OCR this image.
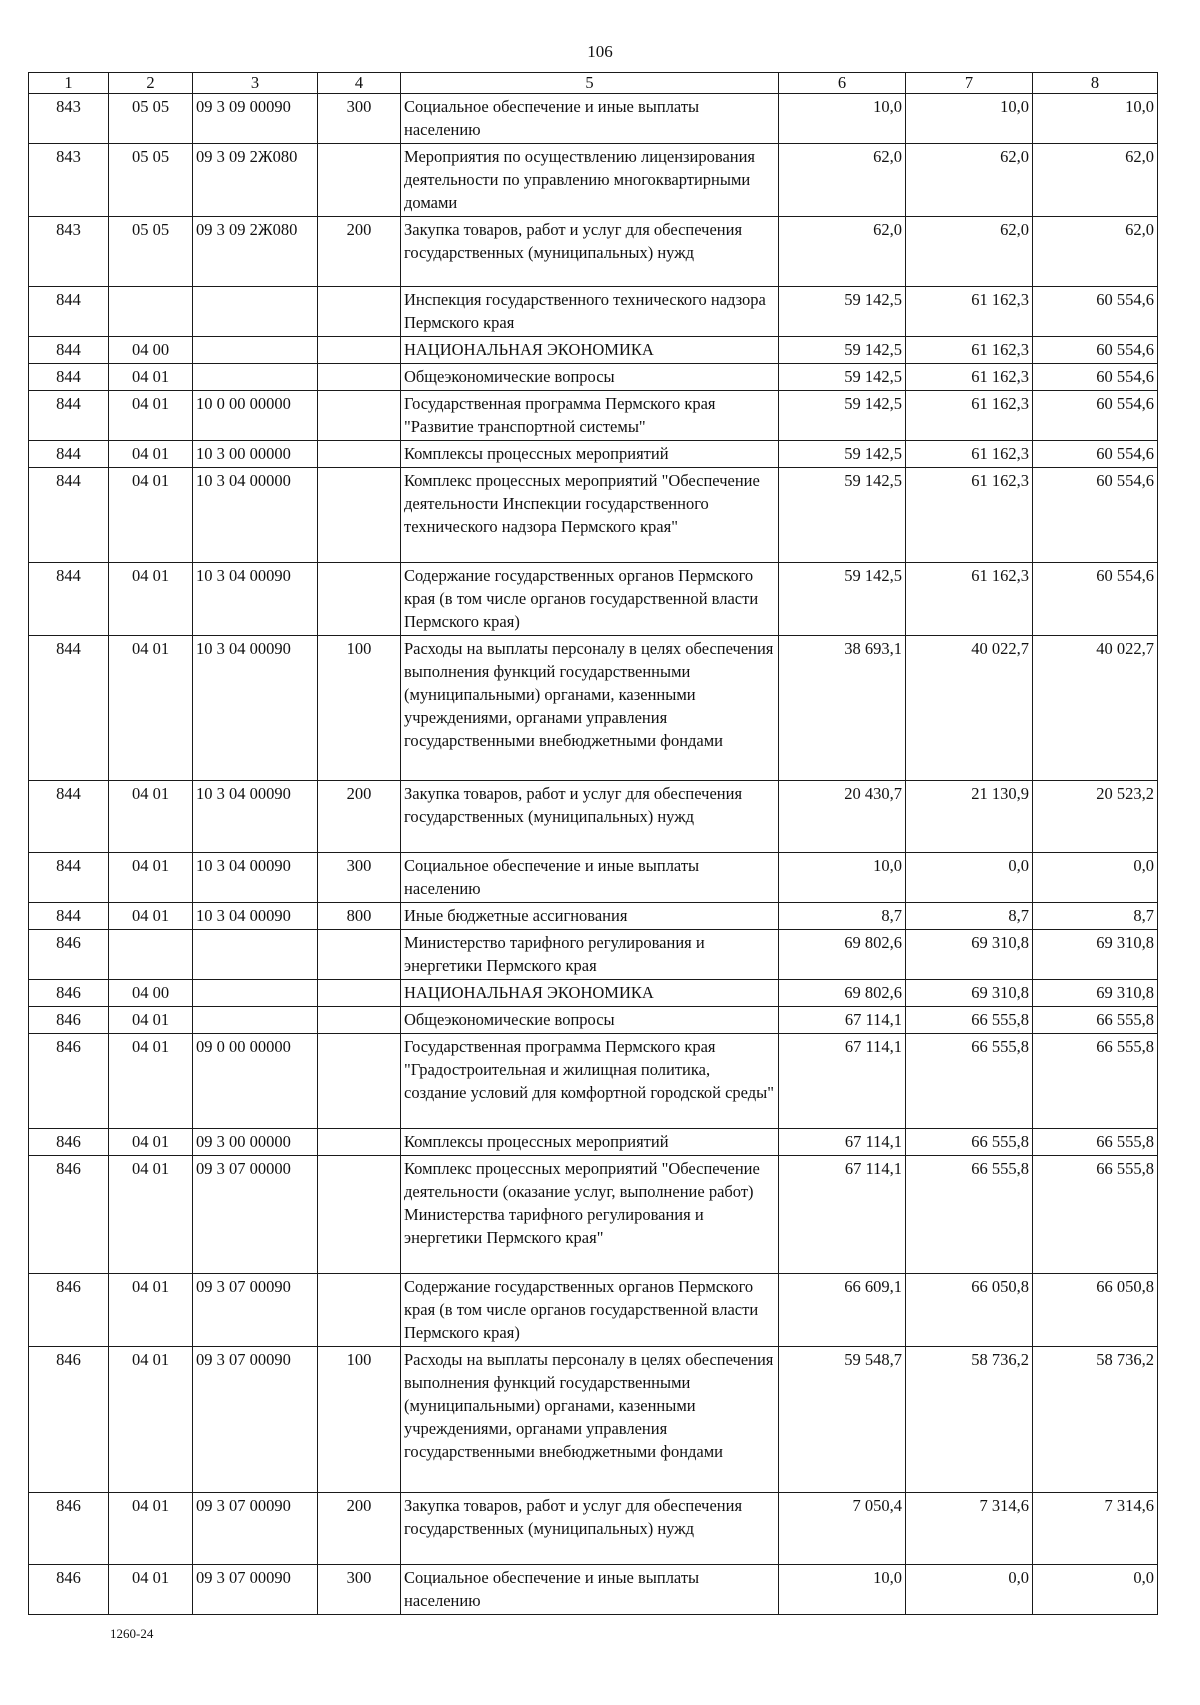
106
1	2	3	4	5	6	7	8
843	05 05	09 3 09 00090	300	Социальное обеспечение и иные выплаты населению	10,0	10,0	10,0
843	05 05	09 3 09 2Ж080		Мероприятия по осуществлению лицензирования деятельности по управлению многоквартирными домами	62,0	62,0	62,0
843	05 05	09 3 09 2Ж080	200	Закупка товаров, работ и услуг для обеспечения государственных (муниципальных) нужд	62,0	62,0	62,0
844				Инспекция государственного технического надзора Пермского края	59 142,5	61 162,3	60 554,6
844	04 00			НАЦИОНАЛЬНАЯ ЭКОНОМИКА	59 142,5	61 162,3	60 554,6
844	04 01			Общеэкономические вопросы	59 142,5	61 162,3	60 554,6
844	04 01	10 0 00 00000		Государственная программа Пермского края "Развитие транспортной системы"	59 142,5	61 162,3	60 554,6
844	04 01	10 3 00 00000		Комплексы процессных мероприятий	59 142,5	61 162,3	60 554,6
844	04 01	10 3 04 00000		Комплекс процессных мероприятий "Обеспечение деятельности Инспекции государственного технического надзора Пермского края"	59 142,5	61 162,3	60 554,6
844	04 01	10 3 04 00090		Содержание государственных органов Пермского края (в том числе органов государственной власти Пермского края)	59 142,5	61 162,3	60 554,6
844	04 01	10 3 04 00090	100	Расходы на выплаты персоналу в целях обеспечения выполнения функций государственными (муниципальными) органами, казенными учреждениями, органами управления государственными внебюджетными фондами	38 693,1	40 022,7	40 022,7
844	04 01	10 3 04 00090	200	Закупка товаров, работ и услуг для обеспечения государственных (муниципальных) нужд	20 430,7	21 130,9	20 523,2
844	04 01	10 3 04 00090	300	Социальное обеспечение и иные выплаты населению	10,0	0,0	0,0
844	04 01	10 3 04 00090	800	Иные бюджетные ассигнования	8,7	8,7	8,7
846				Министерство тарифного регулирования и энергетики Пермского края	69 802,6	69 310,8	69 310,8
846	04 00			НАЦИОНАЛЬНАЯ ЭКОНОМИКА	69 802,6	69 310,8	69 310,8
846	04 01			Общеэкономические вопросы	67 114,1	66 555,8	66 555,8
846	04 01	09 0 00 00000		Государственная программа Пермского края "Градостроительная и жилищная политика, создание условий для комфортной городской среды"	67 114,1	66 555,8	66 555,8
846	04 01	09 3 00 00000		Комплексы процессных мероприятий	67 114,1	66 555,8	66 555,8
846	04 01	09 3 07 00000		Комплекс процессных мероприятий "Обеспечение деятельности (оказание услуг, выполнение работ) Министерства тарифного регулирования и энергетики Пермского края"	67 114,1	66 555,8	66 555,8
846	04 01	09 3 07 00090		Содержание государственных органов Пермского края (в том числе органов государственной власти Пермского края)	66 609,1	66 050,8	66 050,8
846	04 01	09 3 07 00090	100	Расходы на выплаты персоналу в целях обеспечения выполнения функций государственными (муниципальными) органами, казенными учреждениями, органами управления государственными внебюджетными фондами	59 548,7	58 736,2	58 736,2
846	04 01	09 3 07 00090	200	Закупка товаров, работ и услуг для обеспечения государственных (муниципальных) нужд	7 050,4	7 314,6	7 314,6
846	04 01	09 3 07 00090	300	Социальное обеспечение и иные выплаты населению	10,0	0,0	0,0
1260-24
